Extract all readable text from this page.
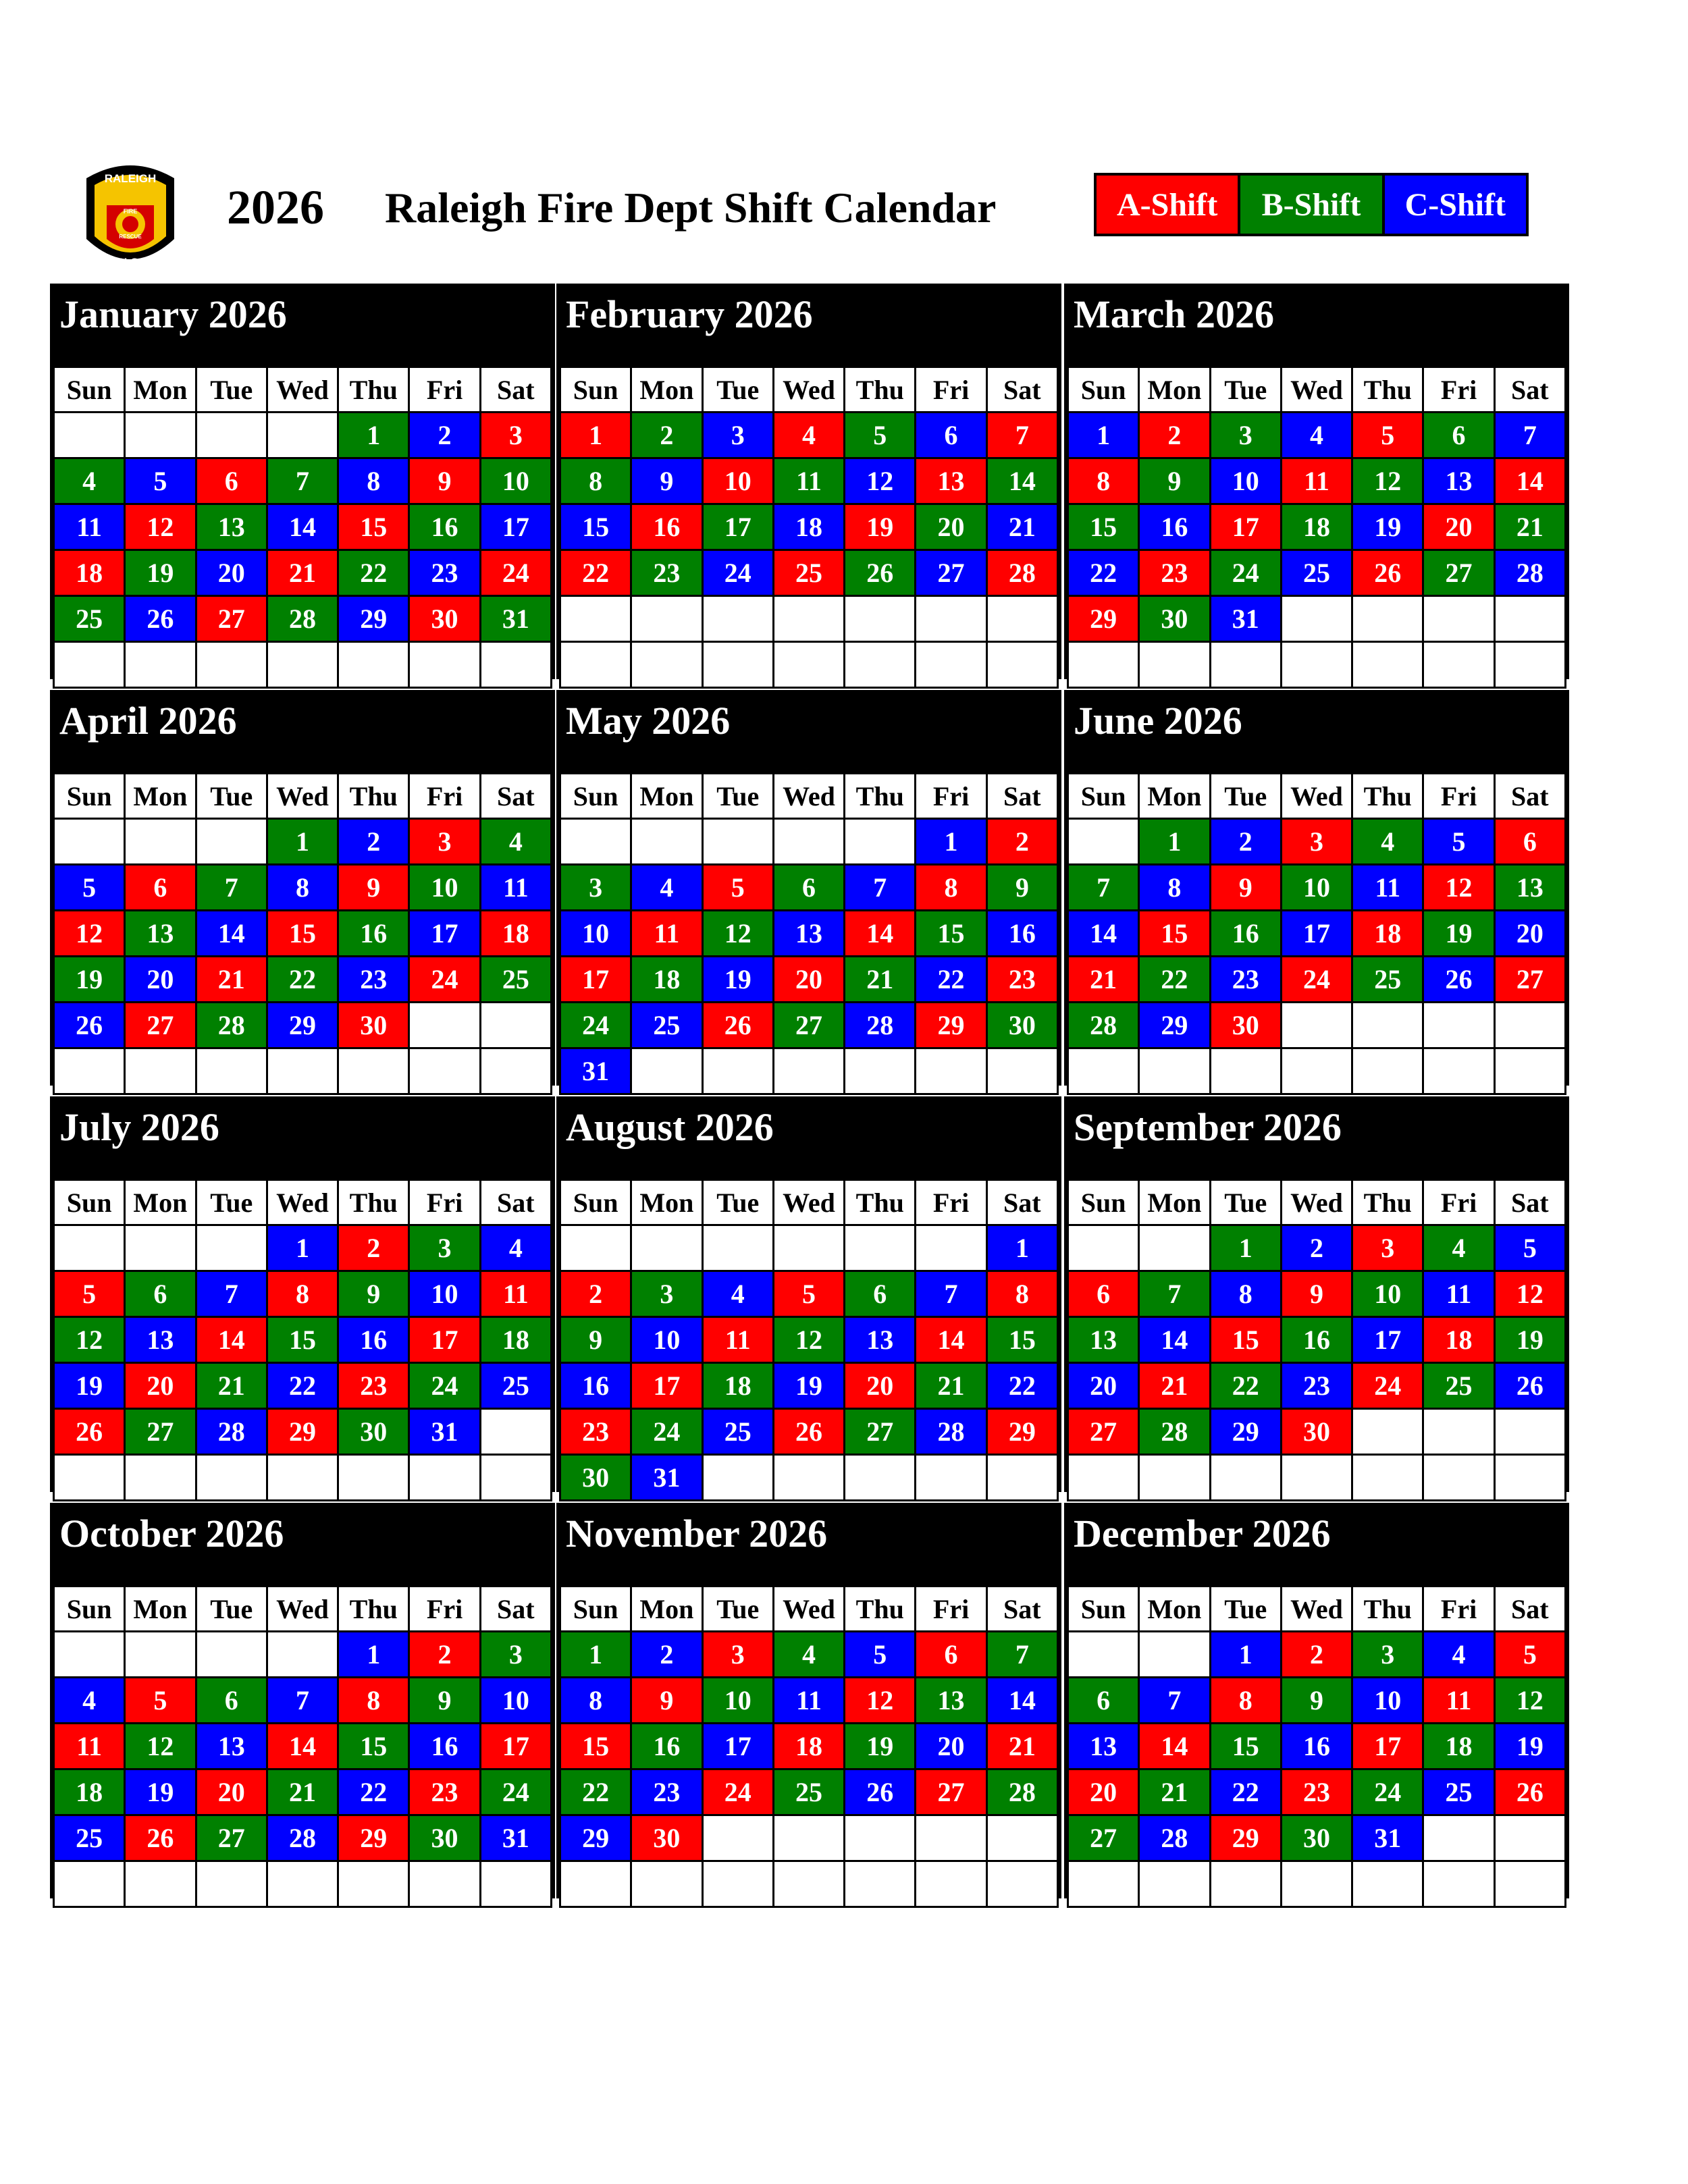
RALEIGH
FIRE
RESCUE
N.C.
2026 Raleigh Fire Dept Shift Calendar	A-Shift	B-Shift	C-Shift
January 2026
Sun	Mon	Tue	Wed	Thu	Fri	Sat
				1	2	3
4	5	6	7	8	9	10
11	12	13	14	15	16	17
18	19	20	21	22	23	24
25	26	27	28	29	30	31

February 2026
Sun	Mon	Tue	Wed	Thu	Fri	Sat
1	2	3	4	5	6	7
8	9	10	11	12	13	14
15	16	17	18	19	20	21
22	23	24	25	26	27	28

March 2026
Sun	Mon	Tue	Wed	Thu	Fri	Sat
1	2	3	4	5	6	7
8	9	10	11	12	13	14
15	16	17	18	19	20	21
22	23	24	25	26	27	28
29	30	31				

April 2026
Sun	Mon	Tue	Wed	Thu	Fri	Sat
			1	2	3	4
5	6	7	8	9	10	11
12	13	14	15	16	17	18
19	20	21	22	23	24	25
26	27	28	29	30		

May 2026
Sun	Mon	Tue	Wed	Thu	Fri	Sat
					1	2
3	4	5	6	7	8	9
10	11	12	13	14	15	16
17	18	19	20	21	22	23
24	25	26	27	28	29	30
31						
June 2026
Sun	Mon	Tue	Wed	Thu	Fri	Sat
	1	2	3	4	5	6
7	8	9	10	11	12	13
14	15	16	17	18	19	20
21	22	23	24	25	26	27
28	29	30				

July 2026
Sun	Mon	Tue	Wed	Thu	Fri	Sat
			1	2	3	4
5	6	7	8	9	10	11
12	13	14	15	16	17	18
19	20	21	22	23	24	25
26	27	28	29	30	31	

August 2026
Sun	Mon	Tue	Wed	Thu	Fri	Sat
						1
2	3	4	5	6	7	8
9	10	11	12	13	14	15
16	17	18	19	20	21	22
23	24	25	26	27	28	29
30	31					
September 2026
Sun	Mon	Tue	Wed	Thu	Fri	Sat
		1	2	3	4	5
6	7	8	9	10	11	12
13	14	15	16	17	18	19
20	21	22	23	24	25	26
27	28	29	30			

October 2026
Sun	Mon	Tue	Wed	Thu	Fri	Sat
				1	2	3
4	5	6	7	8	9	10
11	12	13	14	15	16	17
18	19	20	21	22	23	24
25	26	27	28	29	30	31

November 2026
Sun	Mon	Tue	Wed	Thu	Fri	Sat
1	2	3	4	5	6	7
8	9	10	11	12	13	14
15	16	17	18	19	20	21
22	23	24	25	26	27	28
29	30					

December 2026
Sun	Mon	Tue	Wed	Thu	Fri	Sat
		1	2	3	4	5
6	7	8	9	10	11	12
13	14	15	16	17	18	19
20	21	22	23	24	25	26
27	28	29	30	31		
